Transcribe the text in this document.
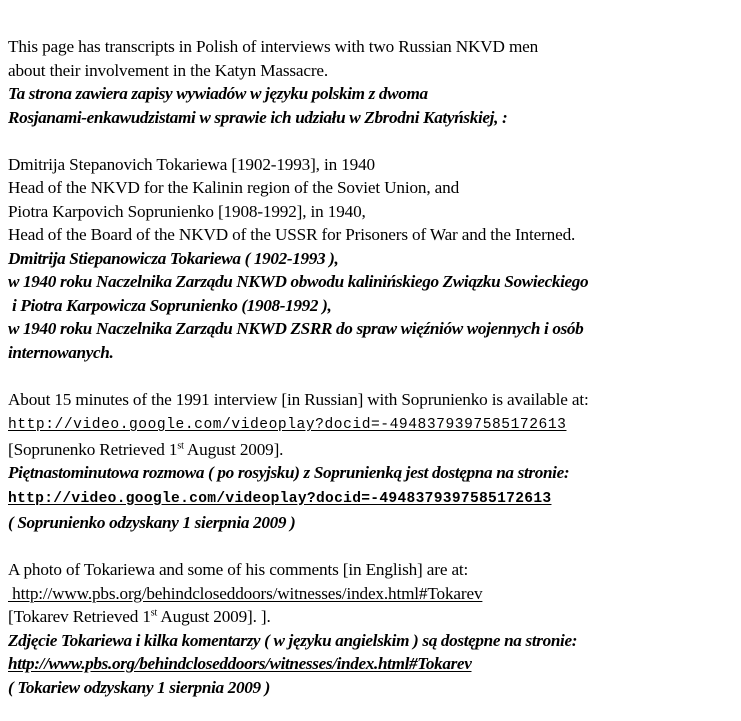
This page has transcripts in Polish of interviews with two Russian NKVD men
about their involvement in the Katyn Massacre.
Ta strona zawiera zapisy wywiadów w języku polskim z dwoma
Rosjanami-enkawudzistami w sprawie ich udziału w Zbrodni Katyńskiej, :
Dmitrija Stepanovich Tokariewa [1902-1993], in 1940
Head of the NKVD for the Kalinin region of the Soviet Union, and
Piotra Karpovich Soprunienko [1908-1992], in 1940,
Head of the Board of the NKVD of the USSR for Prisoners of War and the Interned.
Dmitrija Stiepanowicza Tokariewa ( 1902-1993 ),
w 1940 roku Naczelnika Zarządu NKWD obwodu kalinińskiego Związku Sowieckiego
i Piotra Karpowicza Soprunienko (1908-1992 ),
w 1940 roku Naczelnika Zarządu NKWD ZSRR do spraw więźniów wojennych i osób
internowanych.
About 15 minutes of the 1991 interview [in Russian] with Soprunienko is available at:
http://video.google.com/videoplay?docid=-4948379397585172613
[Soprunenko Retrieved 1st August 2009].
Piętnastominutowa rozmowa ( po rosyjsku) z Soprunienką jest dostępna na stronie:
http://video.google.com/videoplay?docid=-4948379397585172613
( Soprunienko odzyskany 1 sierpnia 2009 )
A photo of Tokariewa and some of his comments [in English] are at:
http://www.pbs.org/behindcloseddoors/witnesses/index.html#Tokarev
[Tokarev Retrieved 1st August 2009]. ].
Zdjęcie Tokariewa i kilka komentarzy ( w języku angielskim ) są dostępne na stronie:
http://www.pbs.org/behindcloseddoors/witnesses/index.html#Tokarev
( Tokariew odzyskany 1 sierpnia 2009 )
